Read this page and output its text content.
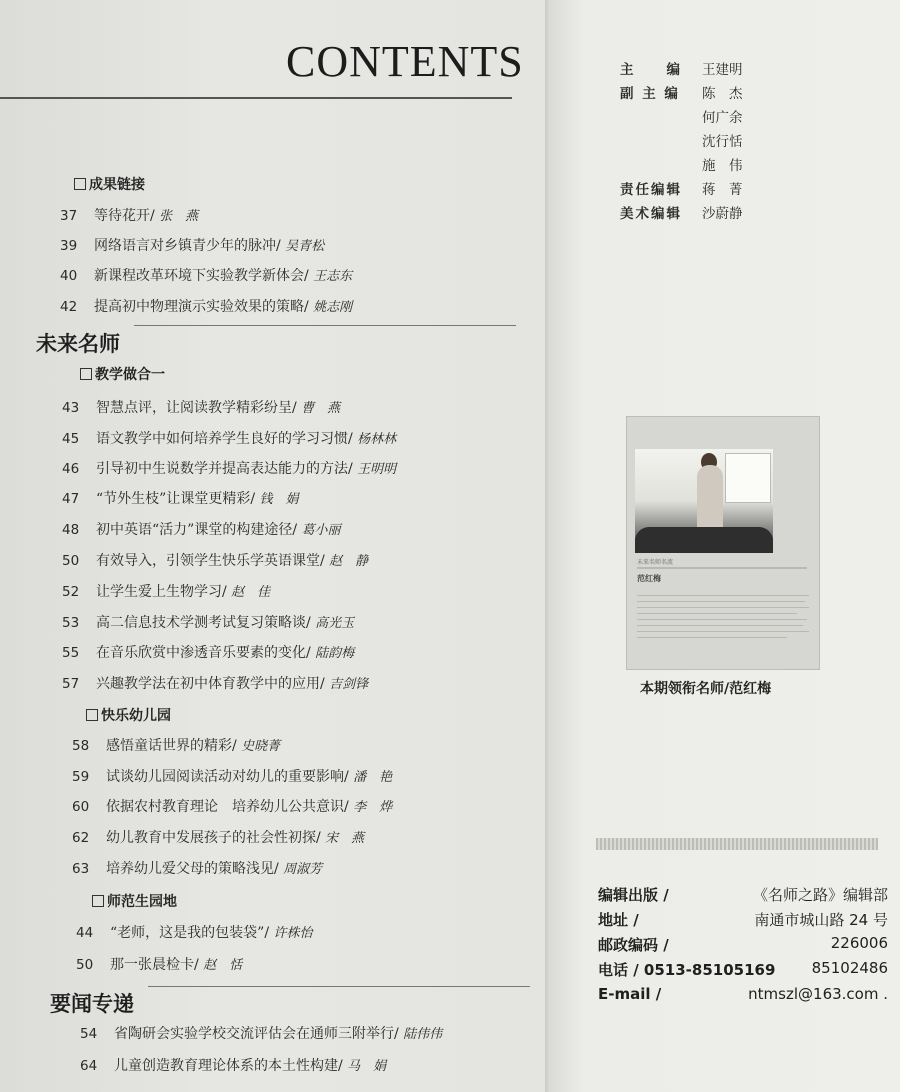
CONTENTS
成果链接
37 等待花开/ 张　燕
39 网络语言对乡镇青少年的脉冲/ 吴青松
40 新课程改革环境下实验教学新体会/ 王志东
42 提高初中物理演示实验效果的策略/ 姚志刚
未来名师
教学做合一
43 智慧点评，让阅读教学精彩纷呈/ 曹　燕
45 语文教学中如何培养学生良好的学习习惯/ 杨林林
46 引导初中生说数学并提高表达能力的方法/ 王明明
47 “节外生枝”让课堂更精彩/ 钱　娟
48 初中英语“活力”课堂的构建途径/ 葛小丽
50 有效导入，引领学生快乐学英语课堂/ 赵　静
52 让学生爱上生物学习/ 赵　佳
53 高二信息技术学测考试复习策略谈/ 高光玉
55 在音乐欣赏中渗透音乐要素的变化/ 陆韵梅
57 兴趣教学法在初中体育教学中的应用/ 吉剑锋
快乐幼儿园
58 感悟童话世界的精彩/ 史晓菁
59 试谈幼儿园阅读活动对幼儿的重要影响/ 潘　艳
60 依据农村教育理论　培养幼儿公共意识/ 李　烨
62 幼儿教育中发展孩子的社会性初探/ 宋　燕
63 培养幼儿爱父母的策略浅见/ 周淑芳
师范生园地
44 “老师，这是我的包装袋”/ 许株怡
50 那一张晨检卡/ 赵　恬
要闻专递
54 省陶研会实验学校交流评估会在通师三附举行/ 陆伟伟
64 儿童创造教育理论体系的本土性构建/ 马　娟
主　　编 王建明
副 主 编 陈　杰
何广余
沈行恬
施　伟
责任编辑 蒋　菁
美术编辑 沙蔚静
未来名师名流
范红梅
本期领衔名师/范红梅
编辑出版 /	《名师之路》编辑部
地址 /	南通市城山路 24 号
邮政编码 /	226006
电话 / 0513-85105169 85102486
E-mail /	ntmszl@163.com .
